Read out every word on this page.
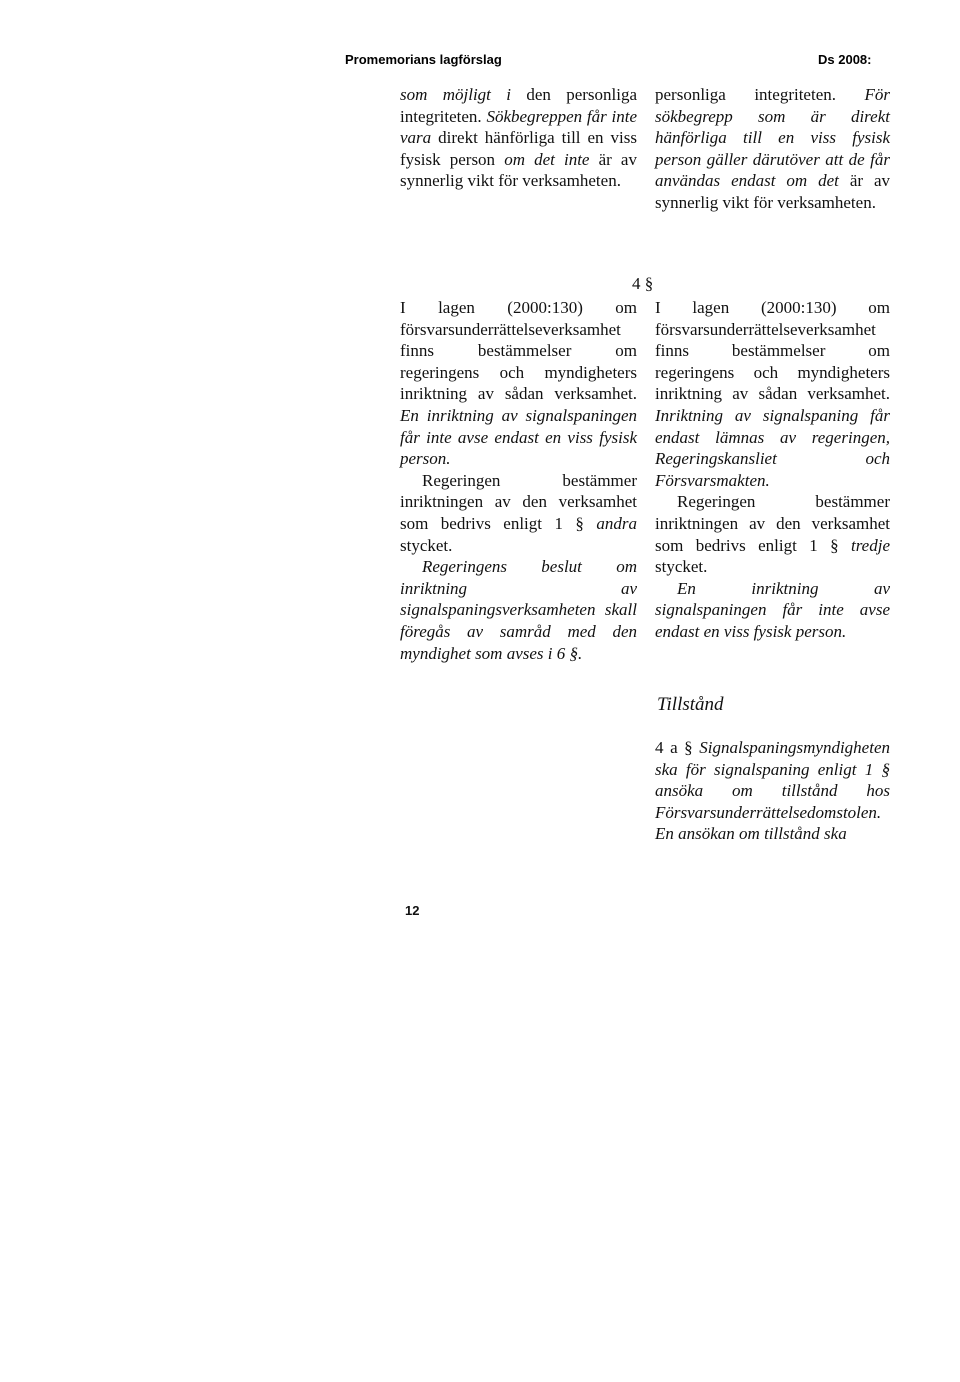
Promemorians lagförslag	Ds 2008:

som möjligt i den personliga integriteten. Sökbegreppen får inte vara direkt hänförliga till en viss fysisk person om det inte är av synnerlig vikt för verksamheten.

personliga integriteten. För sökbegrepp som är direkt hänförliga till en viss fysisk person gäller därutöver att de får användas endast om det är av synnerlig vikt för verksamheten.

4 §

I lagen (2000:130) om försvarsunderrättelseverksamhet finns bestämmelser om regeringens och myndigheters inriktning av sådan verksamhet. En inriktning av signalspaningen får inte avse endast en viss fysisk person.

Regeringen bestämmer inriktningen av den verksamhet som bedrivs enligt 1 § andra stycket.

Regeringens beslut om inriktning av signalspaningsverksamheten skall föregås av samråd med den myndighet som avses i 6 §.

I lagen (2000:130) om försvarsunderrättelseverksamhet finns bestämmelser om regeringens och myndigheters inriktning av sådan verksamhet. Inriktning av signalspaning får endast lämnas av regeringen, Regeringskansliet och Försvarsmakten.

Regeringen bestämmer inriktningen av den verksamhet som bedrivs enligt 1 § tredje stycket.

En inriktning av signalspaningen får inte avse endast en viss fysisk person.

Tillstånd

4 a § Signalspaningsmyndigheten ska för signalspaning enligt 1 § ansöka om tillstånd hos Försvarsunderrättelsedomstolen. En ansökan om tillstånd ska

12
